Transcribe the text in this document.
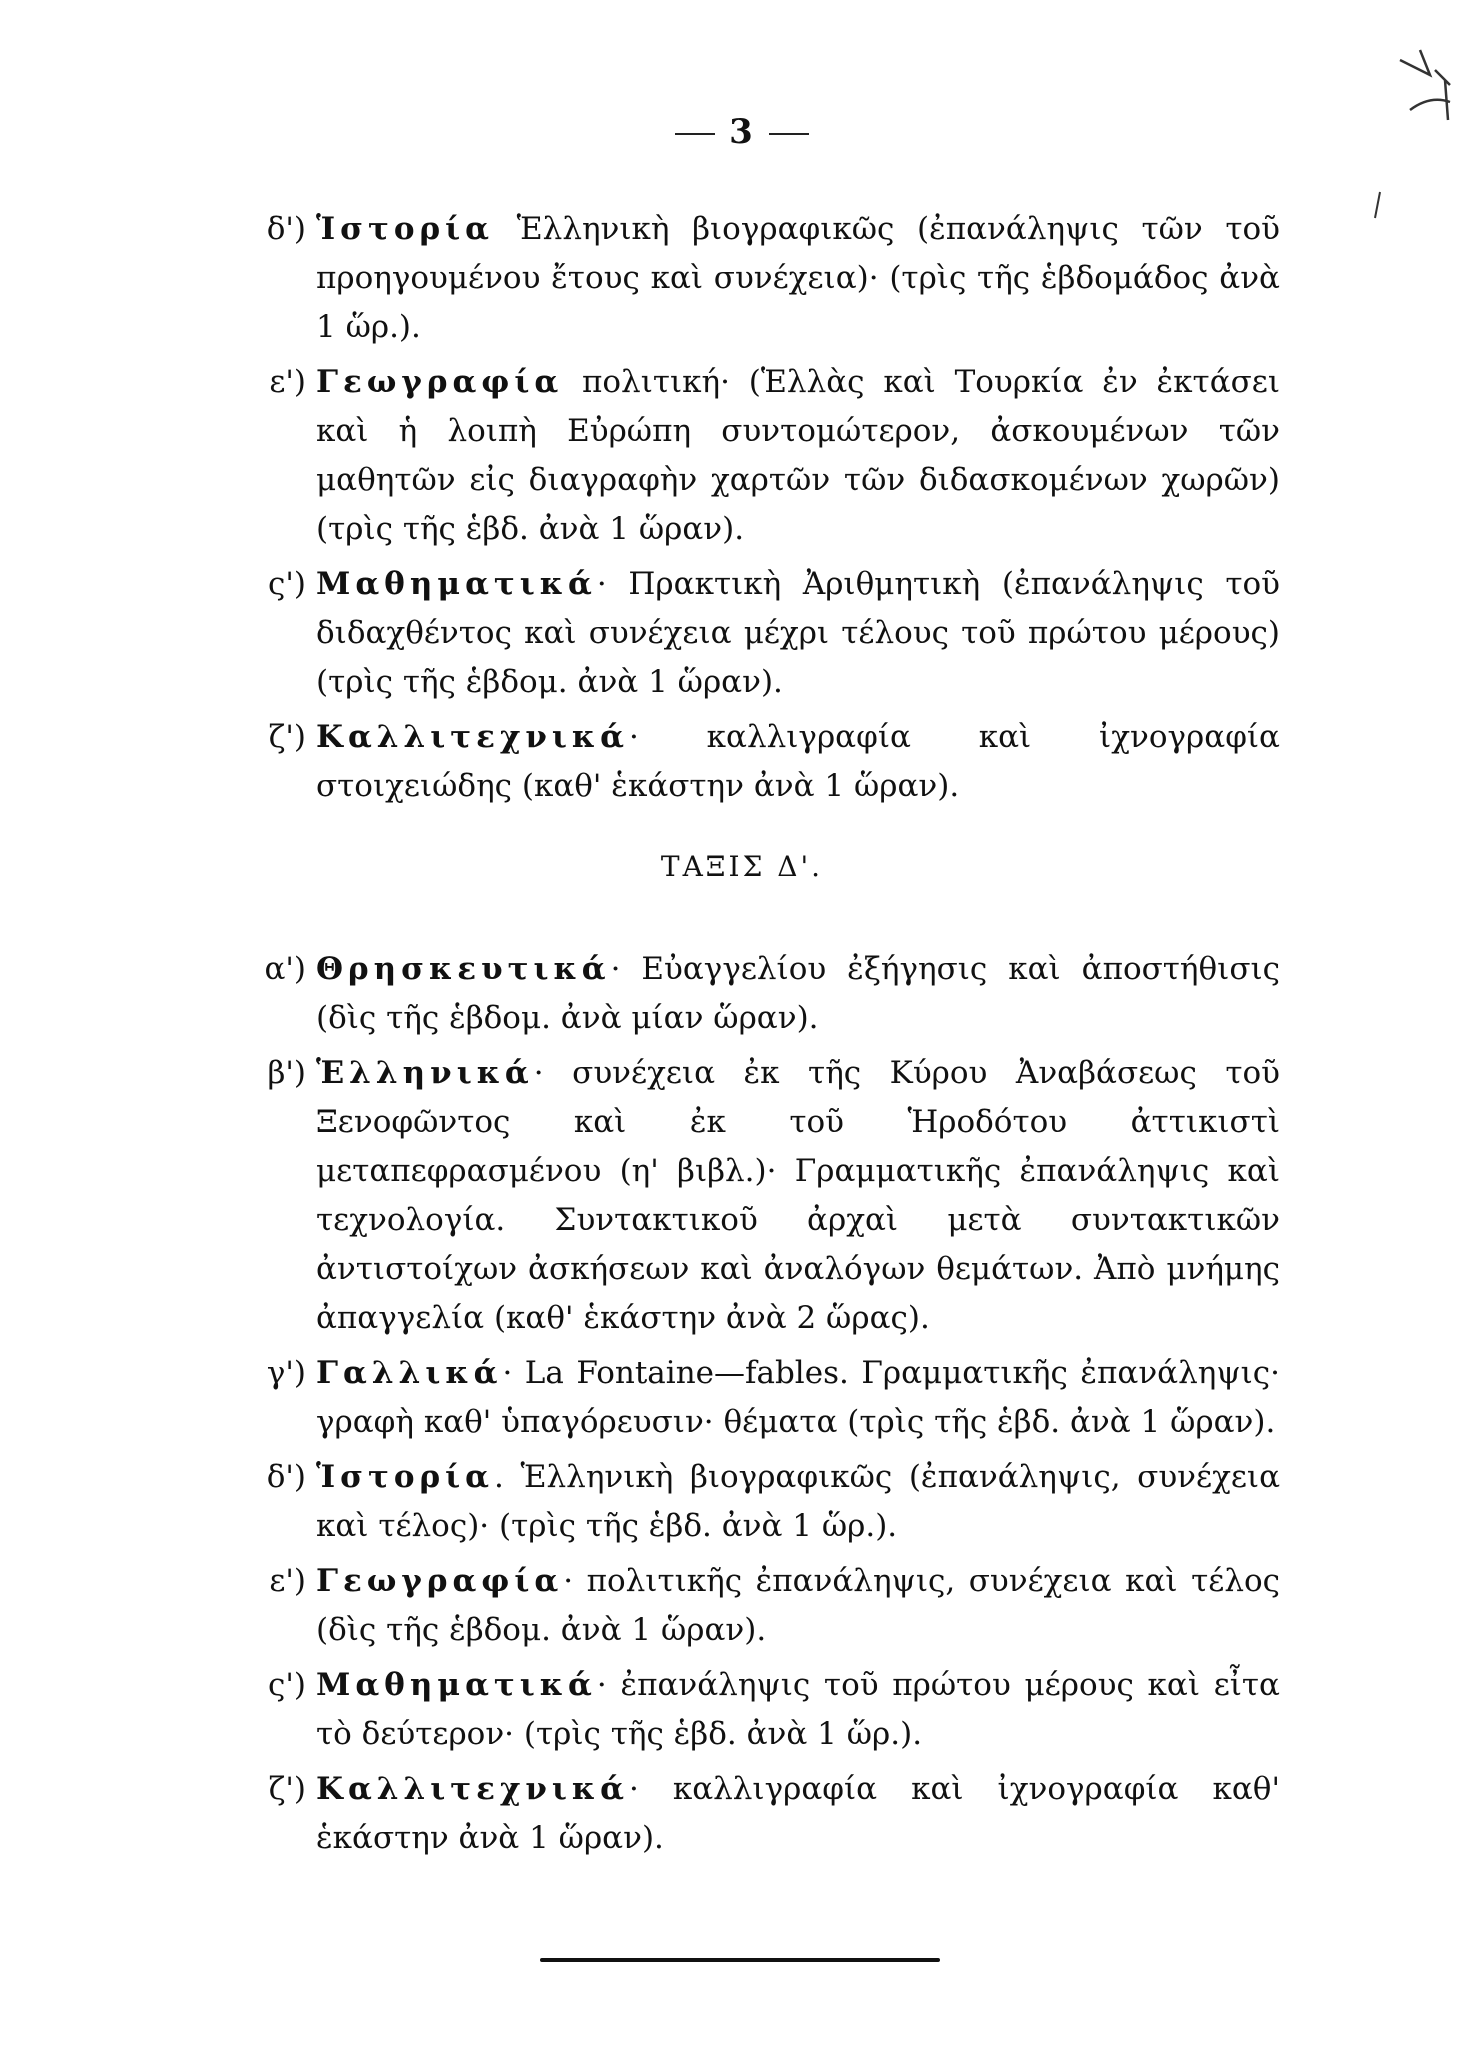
3
δ') Ἱστορία Ἑλληνικὴ βιογραφικῶς (ἐπανάληψις τῶν τοῦ προηγουμένου ἔτους καὶ συνέχεια)· (τρὶς τῆς ἑβδομάδος ἀνὰ 1 ὥρ.).
ε') Γεωγραφία πολιτική· (Ἑλλὰς καὶ Τουρκία ἐν ἐκτάσει καὶ ἡ λοιπὴ Εὐρώπη συντομώτερον, ἀσκουμένων τῶν μαθητῶν εἰς διαγραφὴν χαρτῶν τῶν διδασκομένων χωρῶν) (τρὶς τῆς ἑβδ. ἀνὰ 1 ὥραν).
ς') Μαθηματικά· Πρακτικὴ Ἀριθμητικὴ (ἐπανάληψις τοῦ διδαχθέντος καὶ συνέχεια μέχρι τέλους τοῦ πρώτου μέρους) (τρὶς τῆς ἑβδομ. ἀνὰ 1 ὥραν).
ζ') Καλλιτεχνικά· καλλιγραφία καὶ ἰχνογραφία στοιχειώδης (καθ' ἑκάστην ἀνὰ 1 ὥραν).
ΤΑΞΙΣ Δ'.
α') Θρησκευτικά· Εὐαγγελίου ἐξήγησις καὶ ἀποστήθισις (δὶς τῆς ἑβδομ. ἀνὰ μίαν ὥραν).
β') Ἑλληνικά· συνέχεια ἐκ τῆς Κύρου Ἀναβάσεως τοῦ Ξενοφῶντος καὶ ἐκ τοῦ Ἡροδότου ἀττικιστὶ μεταπεφρασμένου (η' βιβλ.)· Γραμματικῆς ἐπανάληψις καὶ τεχνολογία. Συντακτικοῦ ἀρχαὶ μετὰ συντακτικῶν ἀντιστοίχων ἀσκήσεων καὶ ἀναλόγων θεμάτων. Ἀπὸ μνήμης ἀπαγγελία (καθ' ἑκάστην ἀνὰ 2 ὥρας).
γ') Γαλλικά· La Fontaine—fables. Γραμματικῆς ἐπανάληψις· γραφὴ καθ' ὑπαγόρευσιν· θέματα (τρὶς τῆς ἑβδ. ἀνὰ 1 ὥραν).
δ') Ἱστορία. Ἑλληνικὴ βιογραφικῶς (ἐπανάληψις, συνέχεια καὶ τέλος)· (τρὶς τῆς ἑβδ. ἀνὰ 1 ὥρ.).
ε') Γεωγραφία· πολιτικῆς ἐπανάληψις, συνέχεια καὶ τέλος (δὶς τῆς ἑβδομ. ἀνὰ 1 ὥραν).
ς') Μαθηματικά· ἐπανάληψις τοῦ πρώτου μέρους καὶ εἶτα τὸ δεύτερον· (τρὶς τῆς ἑβδ. ἀνὰ 1 ὥρ.).
ζ') Καλλιτεχνικά· καλλιγραφία καὶ ἰχνογραφία καθ' ἑκάστην ἀνὰ 1 ὥραν).
